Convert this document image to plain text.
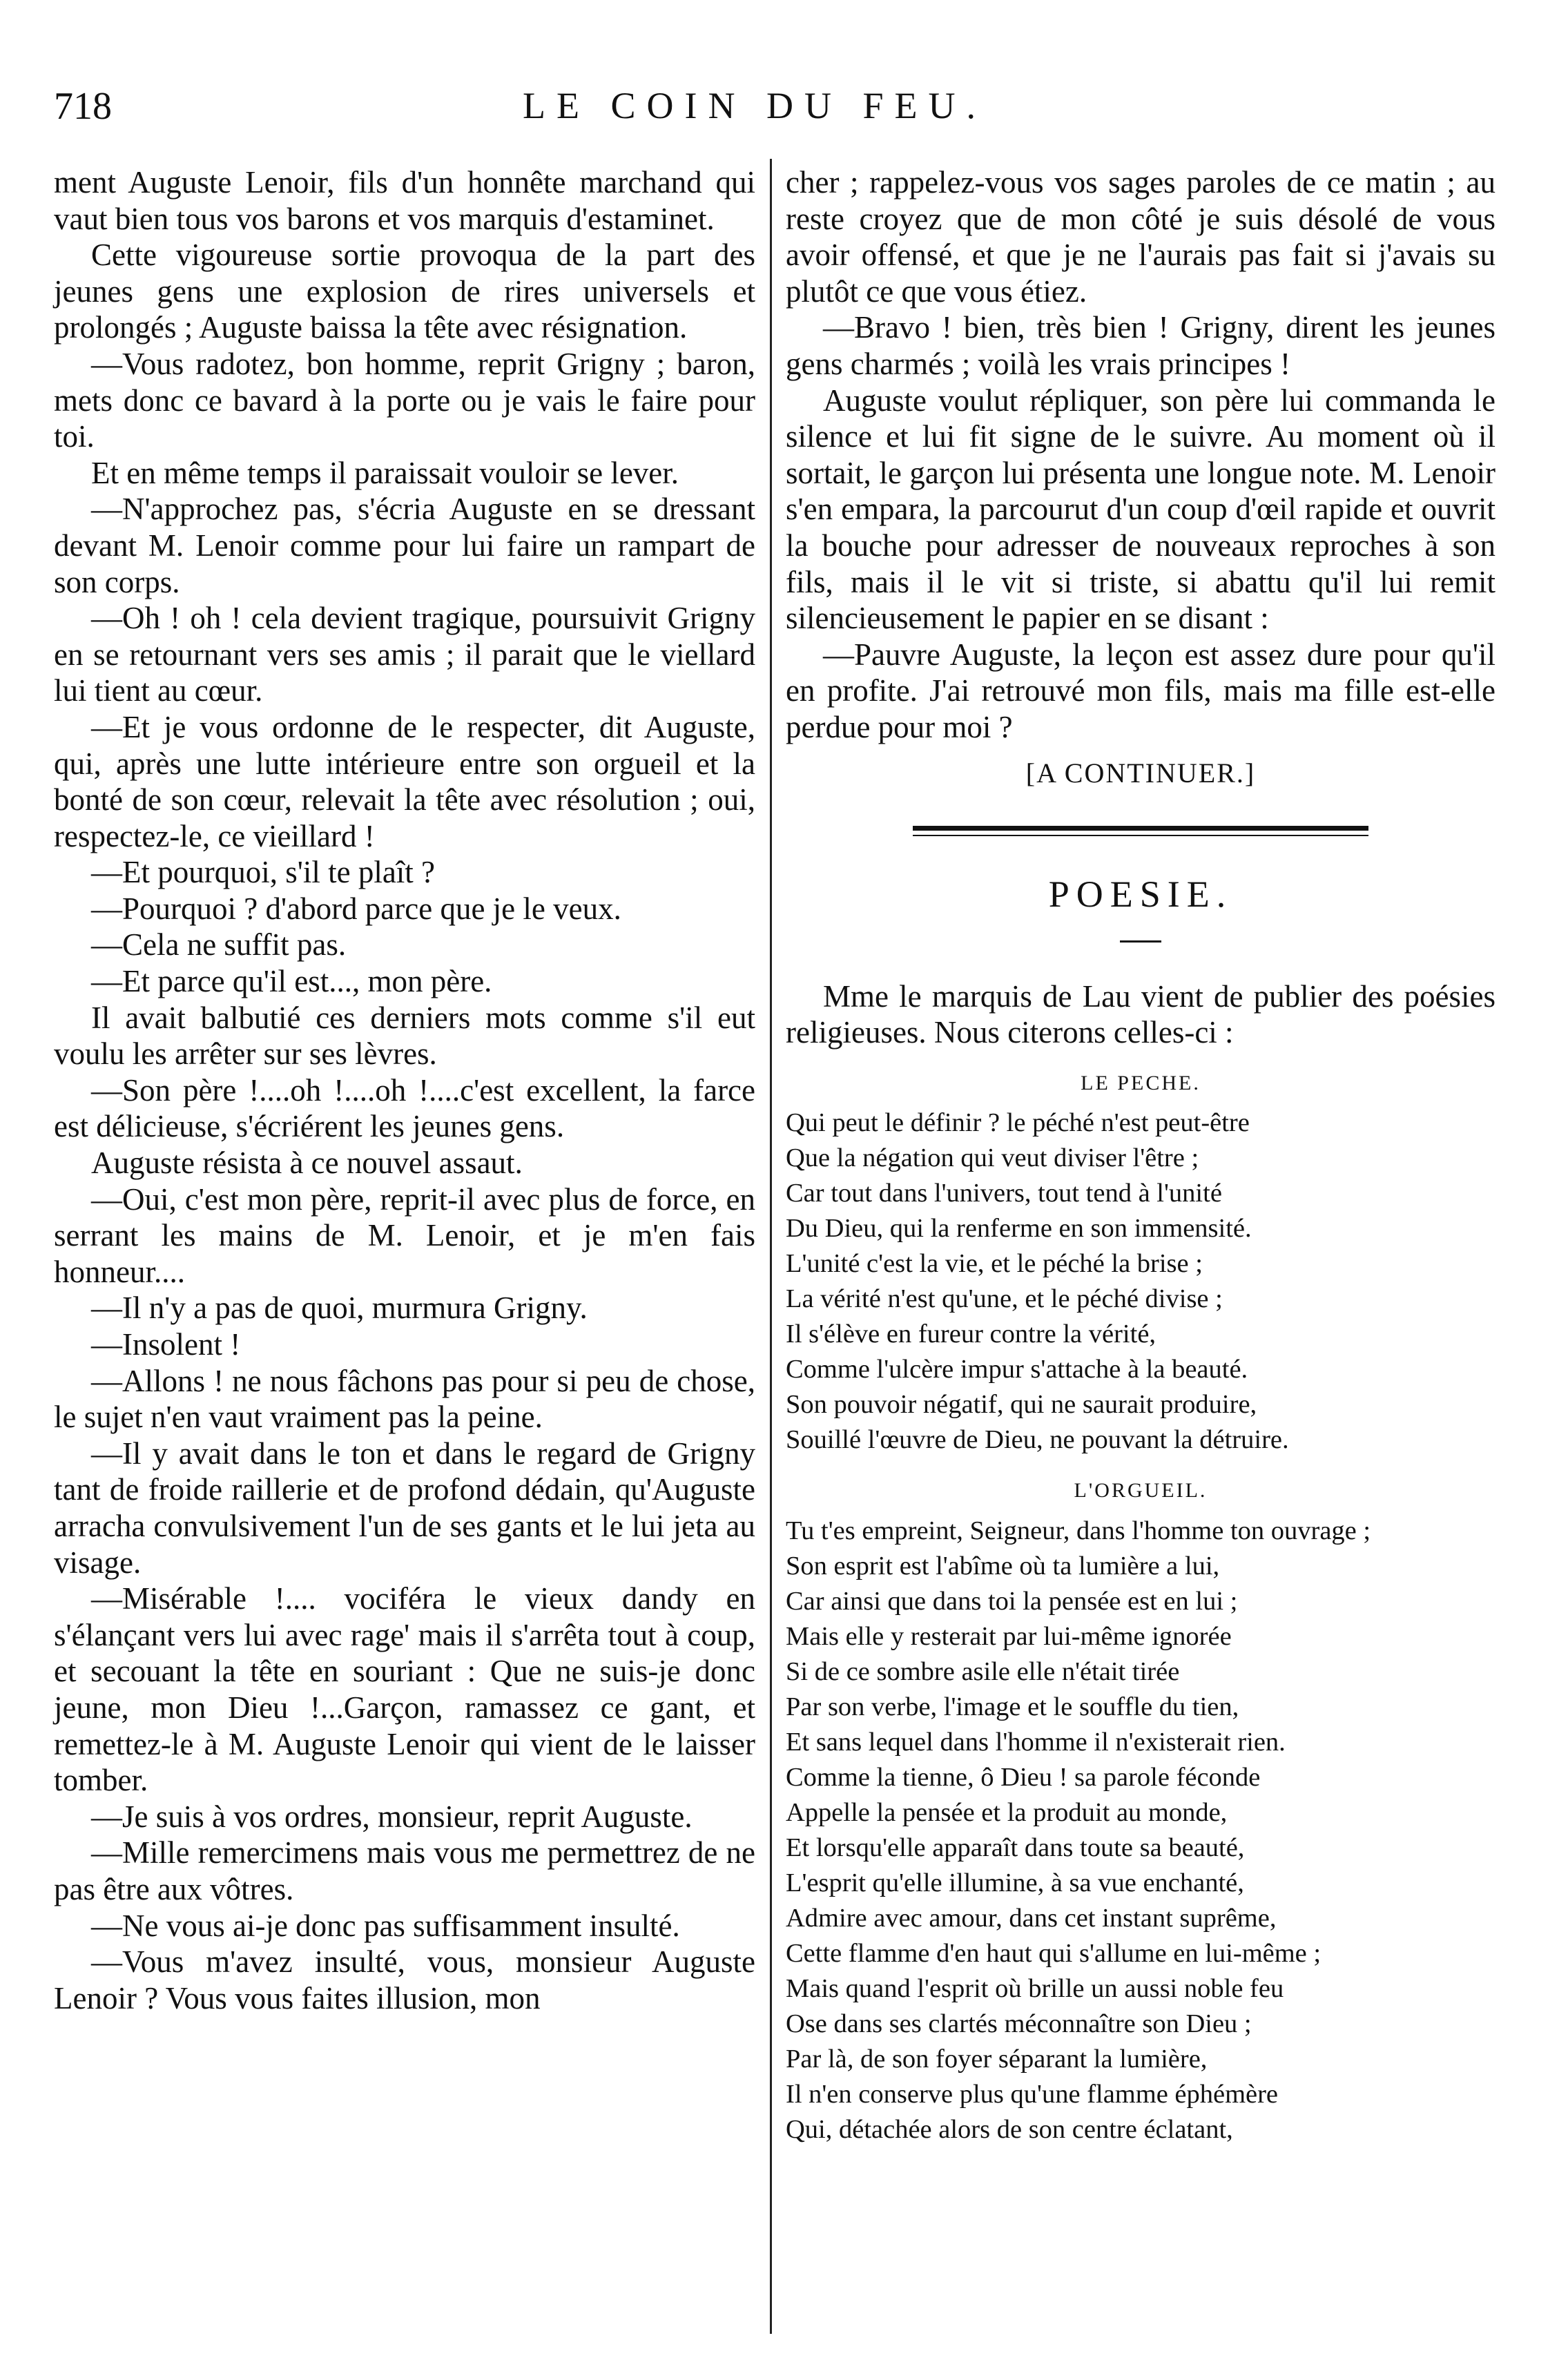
718	LE COIN DU FEU.

ment Auguste Lenoir, fils d'un honnête marchand qui vaut bien tous vos barons et vos marquis d'estaminet.

Cette vigoureuse sortie provoqua de la part des jeunes gens une explosion de rires universels et prolongés ; Auguste baissa la tête avec résignation.

—Vous radotez, bon homme, reprit Grigny ; baron, mets donc ce bavard à la porte ou je vais le faire pour toi.

Et en même temps il paraissait vouloir se lever.

—N'approchez pas, s'écria Auguste en se dressant devant M. Lenoir comme pour lui faire un rampart de son corps.

—Oh ! oh ! cela devient tragique, poursuivit Grigny en se retournant vers ses amis ; il parait que le viellard lui tient au cœur.

—Et je vous ordonne de le respecter, dit Auguste, qui, après une lutte intérieure entre son orgueil et la bonté de son cœur, relevait la tête avec résolution ; oui, respectez-le, ce vieillard !

—Et pourquoi, s'il te plaît ?

—Pourquoi ? d'abord parce que je le veux.

—Cela ne suffit pas.

—Et parce qu'il est..., mon père.

Il avait balbutié ces derniers mots comme s'il eut voulu les arrêter sur ses lèvres.

—Son père !....oh !....oh !....c'est excellent, la farce est délicieuse, s'écriérent les jeunes gens.

Auguste résista à ce nouvel assaut.

—Oui, c'est mon père, reprit-il avec plus de force, en serrant les mains de M. Lenoir, et je m'en fais honneur....

—Il n'y a pas de quoi, murmura Grigny.

—Insolent !

—Allons ! ne nous fâchons pas pour si peu de chose, le sujet n'en vaut vraiment pas la peine.

—Il y avait dans le ton et dans le regard de Grigny tant de froide raillerie et de profond dédain, qu'Auguste arracha convulsivement l'un de ses gants et le lui jeta au visage.

—Misérable !.... vociféra le vieux dandy en s'élançant vers lui avec rage' mais il s'arrêta tout à coup, et secouant la tête en souriant : Que ne suis-je donc jeune, mon Dieu !...Garçon, ramassez ce gant, et remettez-le à M. Auguste Lenoir qui vient de le laisser tomber.

—Je suis à vos ordres, monsieur, reprit Auguste.

—Mille remercimens mais vous me permettrez de ne pas être aux vôtres.

—Ne vous ai-je donc pas suffisamment insulté.

—Vous m'avez insulté, vous, monsieur Auguste Lenoir ? Vous vous faites illusion, mon

cher ; rappelez-vous vos sages paroles de ce matin ; au reste croyez que de mon côté je suis désolé de vous avoir offensé, et que je ne l'aurais pas fait si j'avais su plutôt ce que vous étiez.

—Bravo ! bien, très bien ! Grigny, dirent les jeunes gens charmés ; voilà les vrais principes !

Auguste voulut répliquer, son père lui commanda le silence et lui fit signe de le suivre. Au moment où il sortait, le garçon lui présenta une longue note. M. Lenoir s'en empara, la parcourut d'un coup d'œil rapide et ouvrit la bouche pour adresser de nouveaux reproches à son fils, mais il le vit si triste, si abattu qu'il lui remit silencieusement le papier en se disant :

—Pauvre Auguste, la leçon est assez dure pour qu'il en profite. J'ai retrouvé mon fils, mais ma fille est-elle perdue pour moi ?

[A CONTINUER.]
POESIE.

Mme le marquis de Lau vient de publier des poésies religieuses. Nous citerons celles-ci :

LE PECHE.
Qui peut le définir ? le péché n'est peut-être
Que la négation qui veut diviser l'être ;
Car tout dans l'univers, tout tend à l'unité
Du Dieu, qui la renferme en son immensité.
L'unité c'est la vie, et le péché la brise ;
La vérité n'est qu'une, et le péché divise ;
Il s'élève en fureur contre la vérité,
Comme l'ulcère impur s'attache à la beauté.
Son pouvoir négatif, qui ne saurait produire,
Souillé l'œuvre de Dieu, ne pouvant la détruire.
L'ORGUEIL.
Tu t'es empreint, Seigneur, dans l'homme ton ouvrage ;
Son esprit est l'abîme où ta lumière a lui,
Car ainsi que dans toi la pensée est en lui ;
Mais elle y resterait par lui-même ignorée
Si de ce sombre asile elle n'était tirée
Par son verbe, l'image et le souffle du tien,
Et sans lequel dans l'homme il n'existerait rien.
Comme la tienne, ô Dieu ! sa parole féconde
Appelle la pensée et la produit au monde,
Et lorsqu'elle apparaît dans toute sa beauté,
L'esprit qu'elle illumine, à sa vue enchanté,
Admire avec amour, dans cet instant suprême,
Cette flamme d'en haut qui s'allume en lui-même ;
Mais quand l'esprit où brille un aussi noble feu
Ose dans ses clartés méconnaître son Dieu ;
Par là, de son foyer séparant la lumière,
Il n'en conserve plus qu'une flamme éphémère
Qui, détachée alors de son centre éclatant,
